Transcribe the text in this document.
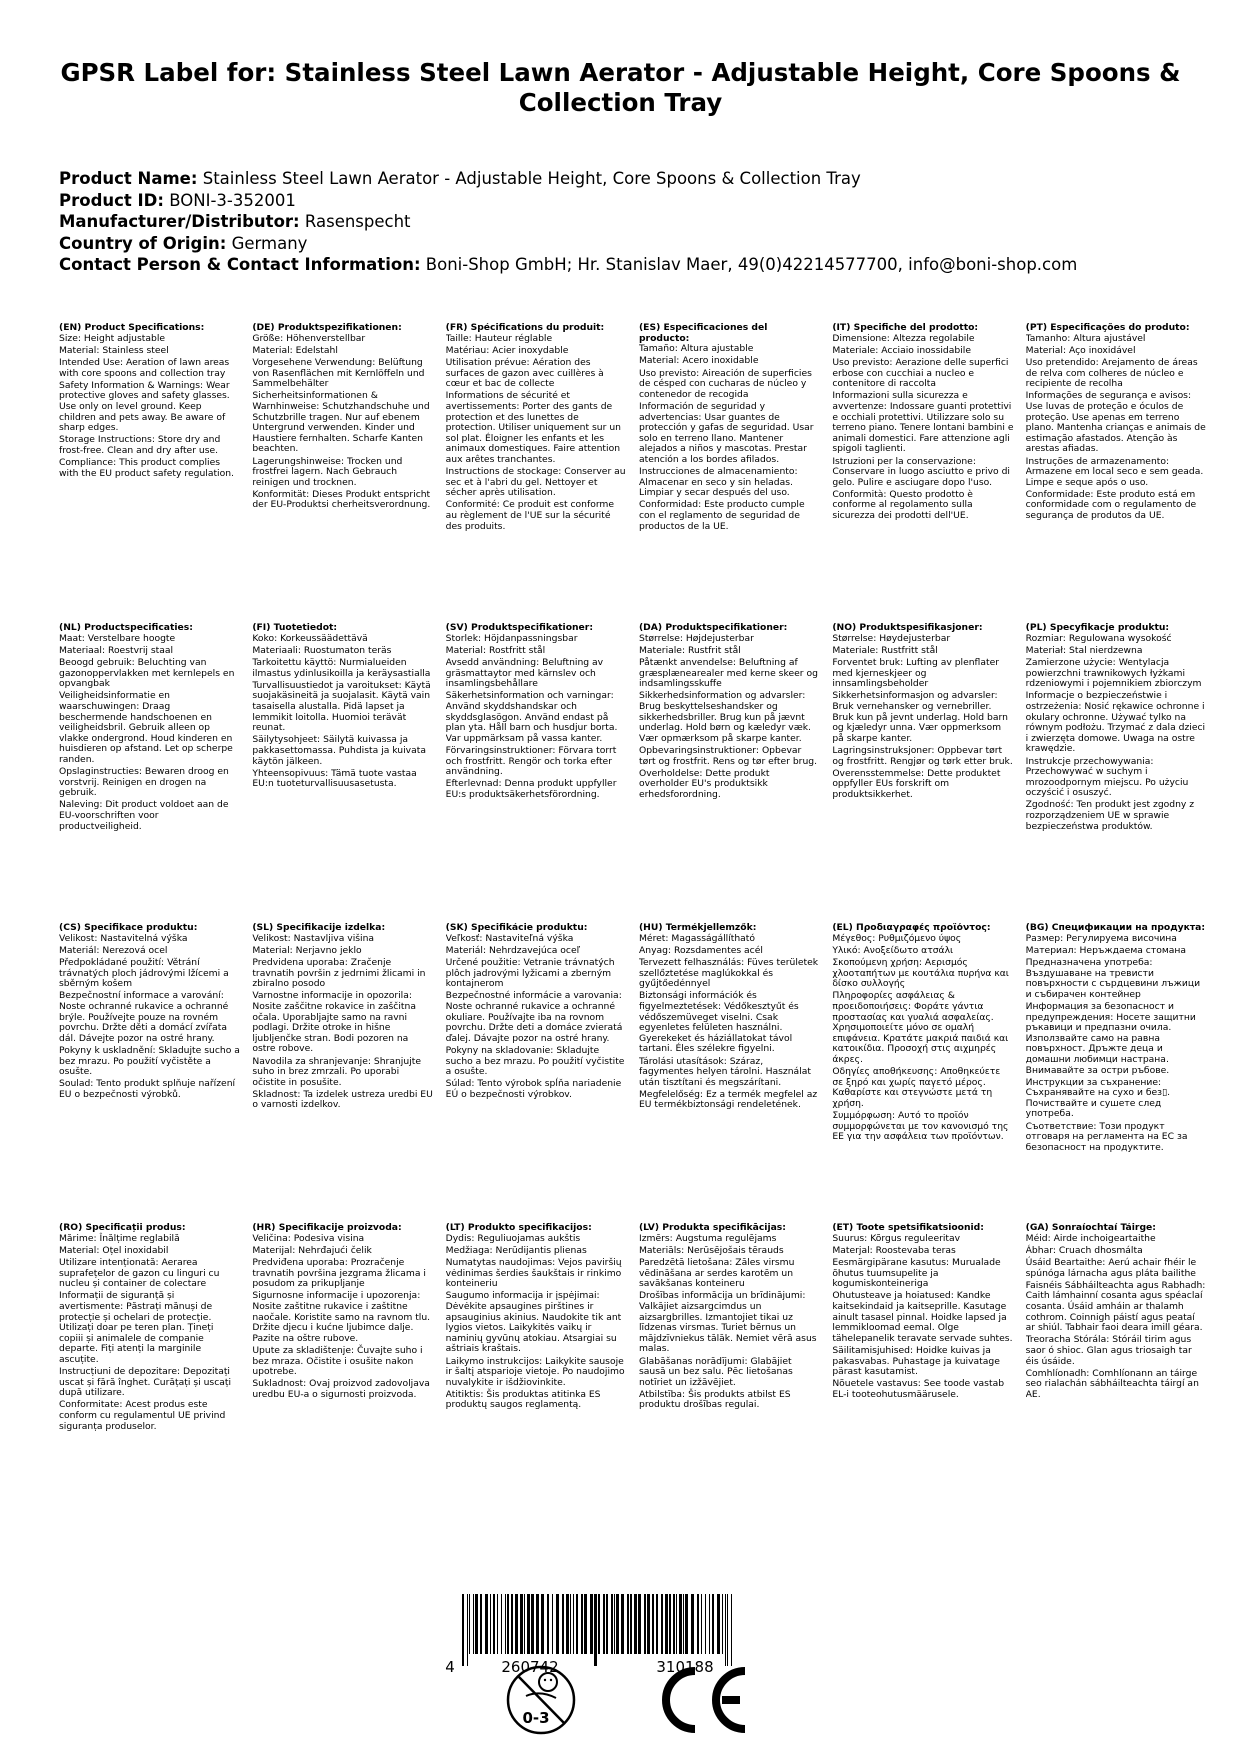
GPSR Label for: Stainless Steel Lawn Aerator - Adjustable Height, Core Spoons & Collection Tray
Product Name: Stainless Steel Lawn Aerator - Adjustable Height, Core Spoons & Collection Tray
Product ID: BONI-3-352001
Manufacturer/Distributor: Rasenspecht
Country of Origin: Germany
Contact Person & Contact Information: Boni-Shop GmbH; Hr. Stanislav Maer, 49(0)42214577700, info@boni-shop.com
(EN) Product Specifications:
Size: Height adjustable
Material: Stainless steel
Intended Use: Aeration of lawn areas with core spoons and collection tray
Safety Information & Warnings: Wear protective gloves and safety glasses. Use only on level ground. Keep children and pets away. Be aware of sharp edges.
Storage Instructions: Store dry and frost-free. Clean and dry after use.
Compliance: This product complies with the EU product safety regulation.
(DE) Produktspezifikationen:
Größe: Höhenverstellbar
Material: Edelstahl
Vorgesehene Verwendung: Belüftung von Rasenflächen mit Kernlöffeln und Sammelbehälter
Sicherheitsinformationen & Warnhinweise: Schutzhandschuhe und Schutzbrille tragen. Nur auf ebenem Untergrund verwenden. Kinder und Haustiere fernhalten. Scharfe Kanten beachten.
Lagerungshinweise: Trocken und frostfrei lagern. Nach Gebrauch reinigen und trocknen.
Konformität: Dieses Produkt entspricht der EU-Produktsi cherheitsverordnung.
(FR) Spécifications du produit:
Taille: Hauteur réglable
Matériau: Acier inoxydable
Utilisation prévue: Aération des surfaces de gazon avec cuillères à cœur et bac de collecte
Informations de sécurité et avertissements: Porter des gants de protection et des lunettes de protection. Utiliser uniquement sur un sol plat. Éloigner les enfants et les animaux domestiques. Faire attention aux arêtes tranchantes.
Instructions de stockage: Conserver au sec et à l'abri du gel. Nettoyer et sécher après utilisation.
Conformité: Ce produit est conforme au règlement de l'UE sur la sécurité des produits.
(ES) Especificaciones del producto:
Tamaño: Altura ajustable
Material: Acero inoxidable
Uso previsto: Aireación de superficies de césped con cucharas de núcleo y contenedor de recogida
Información de seguridad y advertencias: Usar guantes de protección y gafas de seguridad. Usar solo en terreno llano. Mantener alejados a niños y mascotas. Prestar atención a los bordes afilados.
Instrucciones de almacenamiento: Almacenar en seco y sin heladas. Limpiar y secar después del uso.
Conformidad: Este producto cumple con el reglamento de seguridad de productos de la UE.
(IT) Specifiche del prodotto:
Dimensione: Altezza regolabile
Materiale: Acciaio inossidabile
Uso previsto: Aerazione delle superfici erbose con cucchiai a nucleo e contenitore di raccolta
Informazioni sulla sicurezza e avvertenze: Indossare guanti protettivi e occhiali protettivi. Utilizzare solo su terreno piano. Tenere lontani bambini e animali domestici. Fare attenzione agli spigoli taglienti.
Istruzioni per la conservazione: Conservare in luogo asciutto e privo di gelo. Pulire e asciugare dopo l'uso.
Conformità: Questo prodotto è conforme al regolamento sulla sicurezza dei prodotti dell'UE.
(PT) Especificações do produto:
Tamanho: Altura ajustável
Material: Aço inoxidável
Uso pretendido: Arejamento de áreas de relva com colheres de núcleo e recipiente de recolha
Informações de segurança e avisos: Use luvas de proteção e óculos de proteção. Use apenas em terreno plano. Mantenha crianças e animais de estimação afastados. Atenção às arestas afiadas.
Instruções de armazenamento: Armazene em local seco e sem geada. Limpe e seque após o uso.
Conformidade: Este produto está em conformidade com o regulamento de segurança de produtos da UE.
(NL) Productspecificaties:
Maat: Verstelbare hoogte
Materiaal: Roestvrij staal
Beoogd gebruik: Beluchting van gazonoppervlakken met kernlepels en opvangbak
Veiligheidsinformatie en waarschuwingen: Draag beschermende handschoenen en veiligheidsbril. Gebruik alleen op vlakke ondergrond. Houd kinderen en huisdieren op afstand. Let op scherpe randen.
Opslaginstructies: Bewaren droog en vorstvrij. Reinigen en drogen na gebruik.
Naleving: Dit product voldoet aan de EU-voorschriften voor productveiligheid.
(FI) Tuotetiedot:
Koko: Korkeussäädettävä
Materiaali: Ruostumaton teräs
Tarkoitettu käyttö: Nurmialueiden ilmastus ydinlusikoilla ja keräysastialla
Turvallisuustiedot ja varoitukset: Käytä suojakäsineitä ja suojalasit. Käytä vain tasaisella alustalla. Pidä lapset ja lemmikit loitolla. Huomioi terävät reunat.
Säilytysohjeet: Säilytä kuivassa ja pakkasettomassa. Puhdista ja kuivata käytön jälkeen.
Yhteensopivuus: Tämä tuote vastaa EU:n tuoteturvallisuusasetusta.
(SV) Produktspecifikationer:
Storlek: Höjdanpassningsbar
Material: Rostfritt stål
Avsedd användning: Beluftning av gräsmattaytor med kärnslev och insamlingsbehållare
Säkerhetsinformation och varningar: Använd skyddshandskar och skyddsglasögon. Använd endast på plan yta. Håll barn och husdjur borta. Var uppmärksam på vassa kanter.
Förvaringsinstruktioner: Förvara torrt och frostfritt. Rengör och torka efter användning.
Efterlevnad: Denna produkt uppfyller EU:s produktsäkerhetsförordning.
(DA) Produktspecifikationer:
Størrelse: Højdejusterbar
Materiale: Rustfrit stål
Påtænkt anvendelse: Beluftning af græsplænearealer med kerne skeer og indsamlingsskuffe
Sikkerhedsinformation og advarsler: Brug beskyttelseshandsker og sikkerhedsbriller. Brug kun på jævnt underlag. Hold børn og kæledyr væk. Vær opmærksom på skarpe kanter.
Opbevaringsinstruktioner: Opbevar tørt og frostfrit. Rens og tør efter brug.
Overholdelse: Dette produkt overholder EU's produktsikk erhedsforordning.
(NO) Produktspesifikasjoner:
Størrelse: Høydejusterbar
Materiale: Rustfritt stål
Forventet bruk: Lufting av plenflater med kjerneskjeer og innsamlingsbeholder
Sikkerhetsinformasjon og advarsler: Bruk vernehansker og vernebriller. Bruk kun på jevnt underlag. Hold barn og kjæledyr unna. Vær oppmerksom på skarpe kanter.
Lagringsinstruksjoner: Oppbevar tørt og frostfritt. Rengjør og tørk etter bruk.
Overensstemmelse: Dette produktet oppfyller EUs forskrift om produktsikkerhet.
(PL) Specyfikacje produktu:
Rozmiar: Regulowana wysokość
Materiał: Stal nierdzewna
Zamierzone użycie: Wentylacja powierzchni trawnikowych łyżkami rdzeniowymi i pojemnikiem zbiorczym
Informacje o bezpieczeństwie i ostrzeżenia: Nosić rękawice ochronne i okulary ochronne. Używać tylko na równym podłożu. Trzymać z dala dzieci i zwierzęta domowe. Uwaga na ostre krawędzie.
Instrukcje przechowywania: Przechowywać w suchym i mrozoodpornym miejscu. Po użyciu oczyścić i osuszyć.
Zgodność: Ten produkt jest zgodny z rozporządzeniem UE w sprawie bezpieczeństwa produktów.
(CS) Specifikace produktu:
Velikost: Nastavitelná výška
Materiál: Nerezová ocel
Předpokládané použití: Větrání trávnatých ploch jádrovými lžícemi a sběrným košem
Bezpečnostní informace a varování: Noste ochranné rukavice a ochranné brýle. Používejte pouze na rovném povrchu. Držte děti a domácí zvířata dál. Dávejte pozor na ostré hrany.
Pokyny k uskladnění: Skladujte suchо a bez mrazu. Po použití vyčistěte a osušte.
Soulad: Tento produkt splňuje nařízení EU o bezpečnosti výrobků.
(SL) Specifikacije izdelka:
Velikost: Nastavljiva višina
Material: Nerjavno jeklo
Predvidena uporaba: Zračenje travnatih površin z jedrnimi žlicami in zbiralno posodo
Varnostne informacije in opozorila: Nosite zaščitne rokavice in zaščitna očala. Uporabljajte samo na ravni podlagi. Držite otroke in hišne ljubljenčke stran. Bodi pozoren na ostre robove.
Navodila za shranjevanje: Shranjujte suho in brez zmrzali. Po uporabi očistite in posušite.
Skladnost: Ta izdelek ustreza uredbi EU o varnosti izdelkov.
(SK) Špecifikácie produktu:
Veľkosť: Nastaviteľná výška
Materiál: Nehrdzavejúca oceľ
Určené použitie: Vetranie trávnatých plôch jadrovými lyžicami a zberným kontajnerom
Bezpečnostné informácie a varovania: Noste ochranné rukavice a ochranné okuliare. Používajte iba na rovnom povrchu. Držte deti a domáce zvieratá ďalej. Dávajte pozor na ostré hrany.
Pokyny na skladovanie: Skladujte suchо a bez mrazu. Po použití vyčistite a osušte.
Súlad: Tento výrobok spĺňa nariadenie EÚ o bezpečnosti výrobkov.
(HU) Termékjellemzők:
Méret: Magasságállítható
Anyag: Rozsdamentes acél
Tervezett felhasználás: Füves területek szellőztetése maglúkokkal és gyűjtőedénnyel
Biztonsági információk és figyelmeztetések: Védőkesztyűt és védőszemüveget viselni. Csak egyenletes felületen használni. Gyerekeket és háziállatokat távol tartani. Éles szélekre figyelni.
Tárolási utasítások: Száraz, fagymentes helyen tárolni. Használat után tisztítani és megszárítani.
Megfelelőség: Ez a termék megfelel az EU termékbiztonsági rendeletének.
(EL) Προδιαγραφές προϊόντος:
Μέγεθος: Ρυθμιζόμενο ύψος
Υλικό: Ανοξείδωτο ατσάλι
Σκοπούμενη χρήση: Αερισμός χλοοταπήτων με κουτάλια πυρήνα και δίσκο συλλογής
Πληροφορίες ασφάλειας & προειδοποιήσεις: Φοράτε γάντια προστασίας και γυαλιά ασφαλείας. Χρησιμοποιείτε μόνο σε ομαλή επιφάνεια. Κρατάτε μακριά παιδιά και κατοικίδια. Προσοχή στις αιχμηρές άκρες.
Οδηγίες αποθήκευσης: Αποθηκεύετε σε ξηρό και χωρίς παγετό μέρος. Καθαρίστε και στεγνώστε μετά τη χρήση.
Συμμόρφωση: Αυτό το προϊόν συμμορφώνεται με τον κανονισμό της ΕΕ για την ασφάλεια των προϊόντων.
(BG) Спецификации на продукта:
Размер: Регулируема височина
Материал: Неръждаема стомана
Предназначена употреба: Въздушаване на тревисти повърхности с сърдцевини лъжици и събирачен контейнер
Информация за безопасност и предупреждения: Носете защитни ръкавици и предпазни очила. Използвайте само на равна повърхност. Дръжте деца и домашни любимци настрана. Внимавайте за остри ръбове.
Инструкции за съхранение: Съхранявайте на сухо и без▯. Почиствайте и сушете след употреба.
Съответствие: Този продукт отговаря на регламента на ЕС за безопасност на продуктите.
(RO) Specificații produs:
Mărime: Înălțime reglabilă
Material: Oțel inoxidabil
Utilizare intenționată: Aerarea suprafețelor de gazon cu linguri cu nucleu și container de colectare
Informații de siguranță și avertismente: Păstrați mănuși de protecție și ochelari de protecție. Utilizați doar pe teren plan. Țineți copiii și animalele de companie departe. Fiți atenți la marginile ascuțite.
Instrucțiuni de depozitare: Depozitați uscat și fără înghet. Curățați și uscați după utilizare.
Conformitate: Acest produs este conform cu regulamentul UE privind siguranța produselor.
(HR) Specifikacije proizvoda:
Veličina: Podesiva visina
Materijal: Nehrđajući čelik
Predviđena uporaba: Prozračenje travnatih površina jezgrama žlicama i posudom za prikupljanje
Sigurnosne informacije i upozorenja: Nosite zaštitne rukavice i zaštitne naočale. Koristite samo na ravnom tlu. Držite djecu i kućne ljubimce dalje. Pazite na oštre rubove.
Upute za skladištenje: Čuvajte suho i bez mraza. Očistite i osušite nakon upotrebe.
Sukladnost: Ovaj proizvod zadovoljava uredbu EU-a o sigurnosti proizvoda.
(LT) Produkto specifikacijos:
Dydis: Reguliuojamas aukštis
Medžiaga: Nerūdijantis plienas
Numatytas naudojimas: Vejos paviršių vėdinimas šerdies šaukštais ir rinkimo konteineriu
Saugumo informacija ir įspėjimai: Dėvėkite apsaugines pirštines ir apsauginius akinius. Naudokite tik ant lygios vietos. Laikykitės vaikų ir naminių gyvūnų atokiau. Atsargiai su aštriais kraštais.
Laikymo instrukcijos: Laikykite sausoje ir šaltį atsparioje vietoje. Po naudojimo nuvalykite ir išdžiovinkite.
Atitiktis: Šis produktas atitinka ES produktų saugos reglamentą.
(LV) Produkta specifikācijas:
Izmērs: Augstuma regulējams
Materiāls: Nerūsējošais tērauds
Paredzētā lietošana: Zāles virsmu vēdināšana ar serdes karotēm un savākšanas konteineru
Drošības informācija un brīdinājumi: Valkājiet aizsargcimdus un aizsargbrilles. Izmantojiet tikai uz līdzenas virsmas. Turiet bērnus un mājdzīvniekus tālāk. Nemiet vērā asus malas.
Glabāšanas norādījumi: Glabājiet sausā un bez salu. Pēc lietošanas notīriet un izžāvējiet.
Atbilstība: Šis produkts atbilst ES produktu drošības regulai.
(ET) Toote spetsifikatsioonid:
Suurus: Kõrgus reguleeritav
Materjal: Roostevaba teras
Eesmärgipärane kasutus: Murualade õhutus tuumsupelite ja kogumiskonteineriga
Ohutusteave ja hoiatused: Kandke kaitsekindaid ja kaitseprille. Kasutage ainult tasasel pinnal. Hoidke lapsed ja lemmikloomad eemal. Olge tähelepanelik teravate servade suhtes.
Säilitamisjuhised: Hoidke kuivas ja pakasvabas. Puhastage ja kuivatage pärast kasutamist.
Nõuetele vastavus: See toode vastab EL-i tooteohutusmäärusele.
(GA) Sonraíochtaí Táirge:
Méid: Airde inchoigeartaithe
Ábhar: Cruach dhosmálta
Úsáid Beartaithe: Aerú achair fhéir le spúnóga lárnacha agus pláta bailithe
Faisnéis Sábháilteachta agus Rabhadh: Caith lámhainní cosanta agus spéaclaí cosanta. Úsáid amháin ar thalamh cothrom. Coinnigh páistí agus peataí ar shiúl. Tabhair faoi deara imill géara.
Treoracha Stórála: Stóráil tirim agus saor ó shioc. Glan agus triosaigh tar éis úsáide.
Comhlíonadh: Comhlíonann an táirge seo rialachán sábháilteachta táirgí an AE.
4	260742	310188
0-3
